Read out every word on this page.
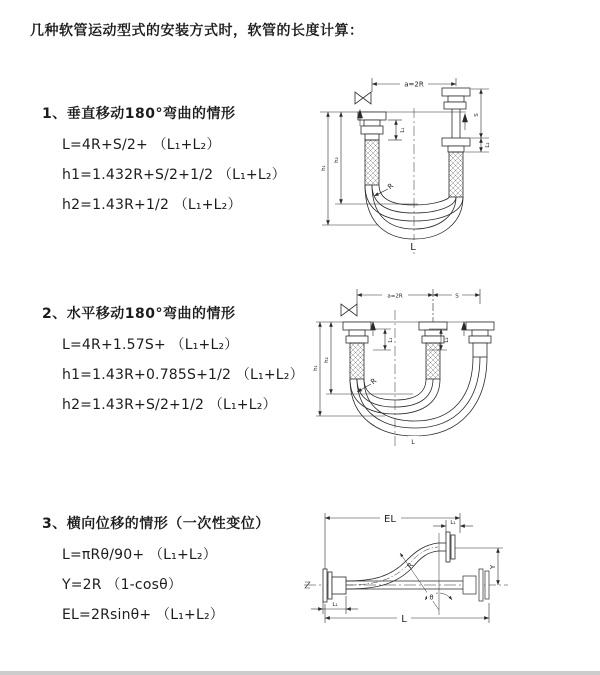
几种软管运动型式的安装方式时，软管的长度计算：
1、垂直移动180°弯曲的情形
L=4R+S/2+ （L₁+L₂）
h1=1.432R+S/2+1/2 （L₁+L₂）
h2=1.43R+1/2 （L₁+L₂）
2、水平移动180°弯曲的情形
L=4R+1.57S+ （L₁+L₂）
h1=1.43R+0.785S+1/2 （L₁+L₂）
h2=1.43R+S/2+1/2 （L₁+L₂）
3、横向位移的情形（一次性变位）
L=πRθ/90+ （L₁+L₂）
Y=2R （1-cosθ）
EL=2Rsinθ+ （L₁+L₂）
a=2R
h₁
h₂
L₁
S
L₂
R
L
a=2R	S
h₁
h₂
L₁	L₂
R
L
EL	L₁
R
θ
Y
L₁
L
